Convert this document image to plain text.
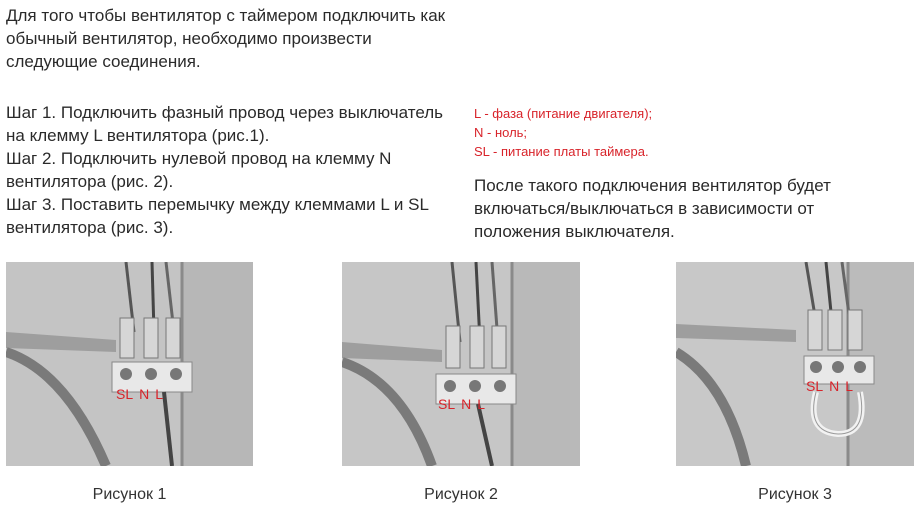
Для того чтобы вентилятор с таймером подключить как обычный вентилятор, необходимо произвести следующие соединения.

Шаг 1. Подключить фазный провод через выключатель на клемму L вентилятора (рис.1).

Шаг 2. Подключить нулевой провод на клемму N вентилятора (рис. 2).

Шаг 3. Поставить перемычку между клеммами L и SL вентилятора (рис. 3).

L - фаза (питание двигателя);

N - ноль;

SL - питание платы таймера.

После такого подключения вентилятор будет включаться/выключаться в зависимости от положения выключателя.

SL N L
Рисунок 1
SL N L
Рисунок 2
SL N L
Рисунок 3
